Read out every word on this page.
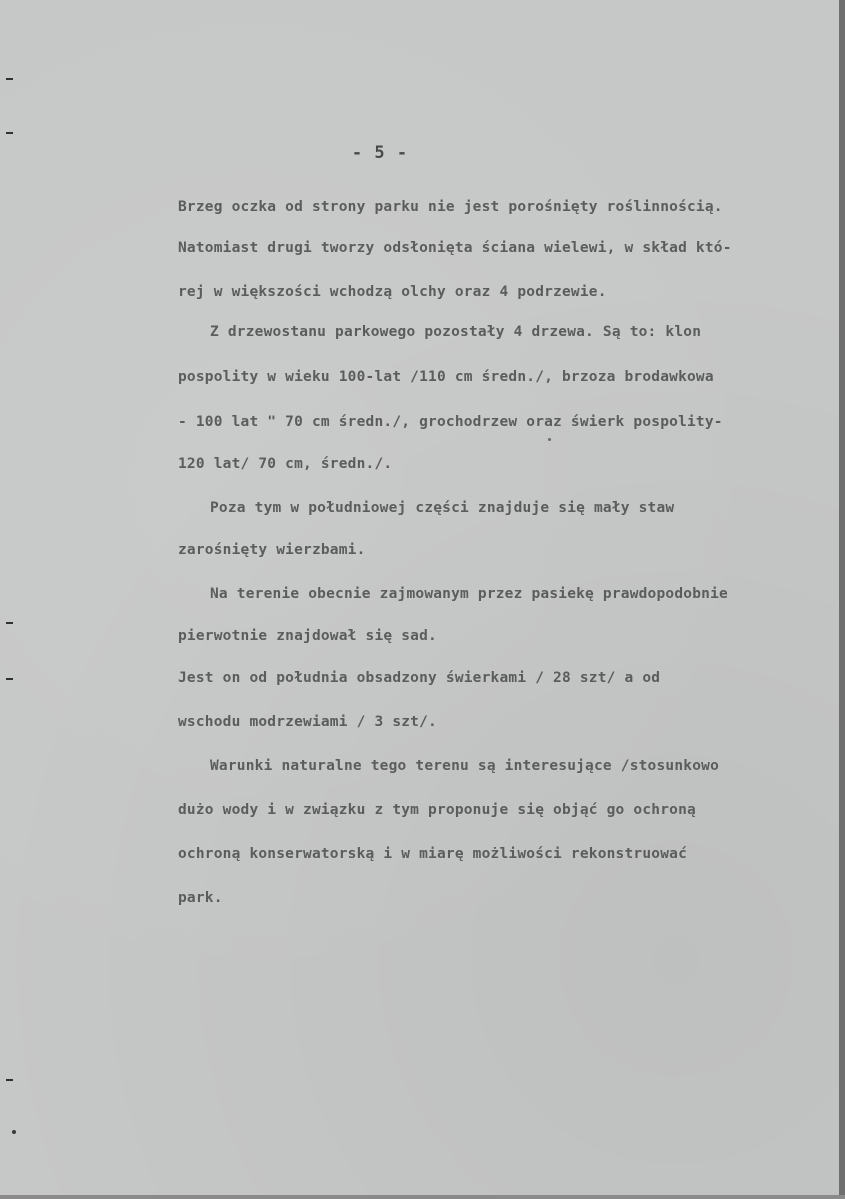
- 5 -
Brzeg oczka od strony parku nie jest porośnięty roślinnością.
Natomiast drugi tworzy odsłonięta ściana wielewi, w skład któ-
rej w większości wchodzą olchy oraz 4 podrzewie.
Z drzewostanu parkowego pozostały 4 drzewa. Są to: klon
pospolity w wieku 100-lat /110 cm średn./, brzoza brodawkowa
- 100 lat " 70 cm średn./, grochodrzew oraz świerk pospolity-
120 lat/ 70 cm, średn./.
Poza tym w południowej części znajduje się mały staw
zarośnięty wierzbami.
Na terenie obecnie zajmowanym przez pasiekę prawdopodobnie
pierwotnie znajdował się sad.
Jest on od południa obsadzony świerkami / 28 szt/ a od
wschodu modrzewiami / 3 szt/.
Warunki naturalne tego terenu są interesujące /stosunkowo
dużo wody i w związku z tym proponuje się objąć go ochroną
ochroną konserwatorską i w miarę możliwości rekonstruować
park.
